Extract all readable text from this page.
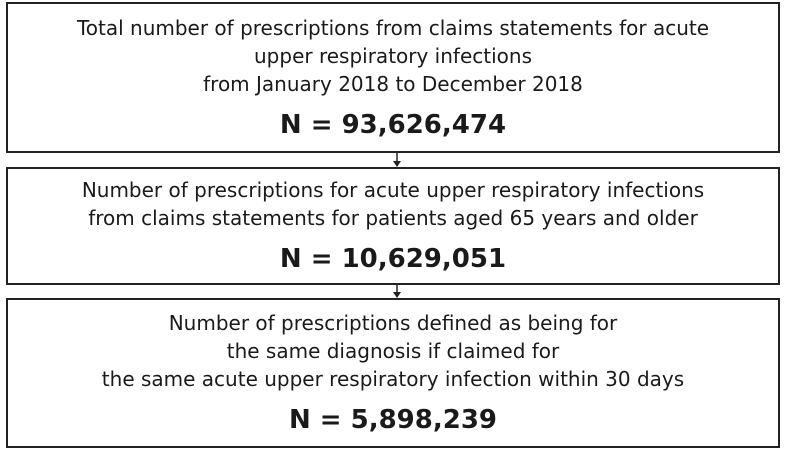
Total number of prescriptions from claims statements for acute
upper respiratory infections
from January 2018 to December 2018
N = 93,626,474
Number of prescriptions for acute upper respiratory infections
from claims statements for patients aged 65 years and older
N = 10,629,051
Number of prescriptions defined as being for
the same diagnosis if claimed for
the same acute upper respiratory infection within 30 days
N = 5,898,239
